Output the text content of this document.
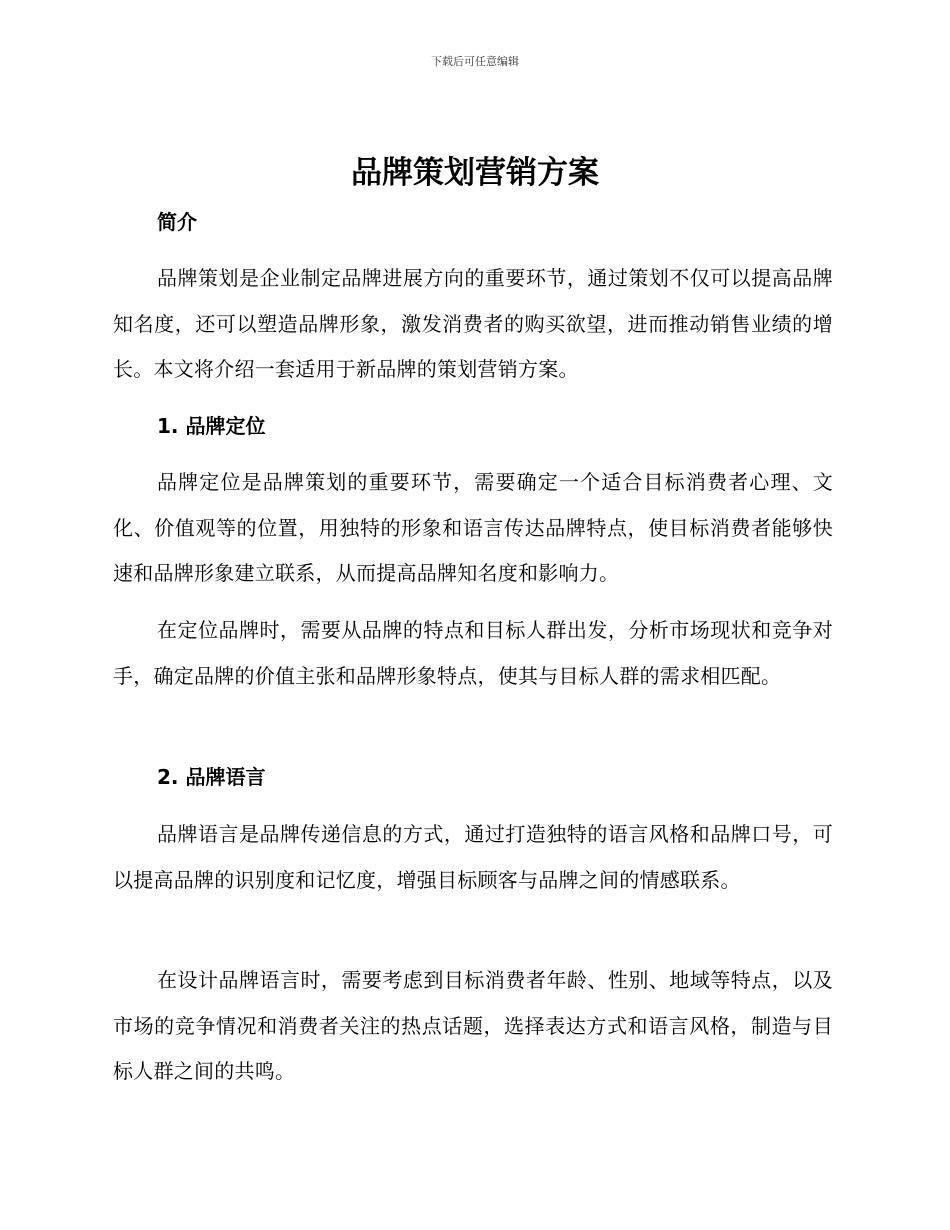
下载后可任意编辑
品牌策划营销方案
简介

品牌策划是企业制定品牌进展方向的重要环节，通过策划不仅可以提高品牌知名度，还可以塑造品牌形象，激发消费者的购买欲望，进而推动销售业绩的增长。本文将介绍一套适用于新品牌的策划营销方案。

1. 品牌定位

品牌定位是品牌策划的重要环节，需要确定一个适合目标消费者心理、文化、价值观等的位置，用独特的形象和语言传达品牌特点，使目标消费者能够快速和品牌形象建立联系，从而提高品牌知名度和影响力。

在定位品牌时，需要从品牌的特点和目标人群出发，分析市场现状和竞争对手，确定品牌的价值主张和品牌形象特点，使其与目标人群的需求相匹配。

2. 品牌语言

品牌语言是品牌传递信息的方式，通过打造独特的语言风格和品牌口号，可以提高品牌的识别度和记忆度，增强目标顾客与品牌之间的情感联系。

在设计品牌语言时，需要考虑到目标消费者年龄、性别、地域等特点，以及市场的竞争情况和消费者关注的热点话题，选择表达方式和语言风格，制造与目标人群之间的共鸣。
